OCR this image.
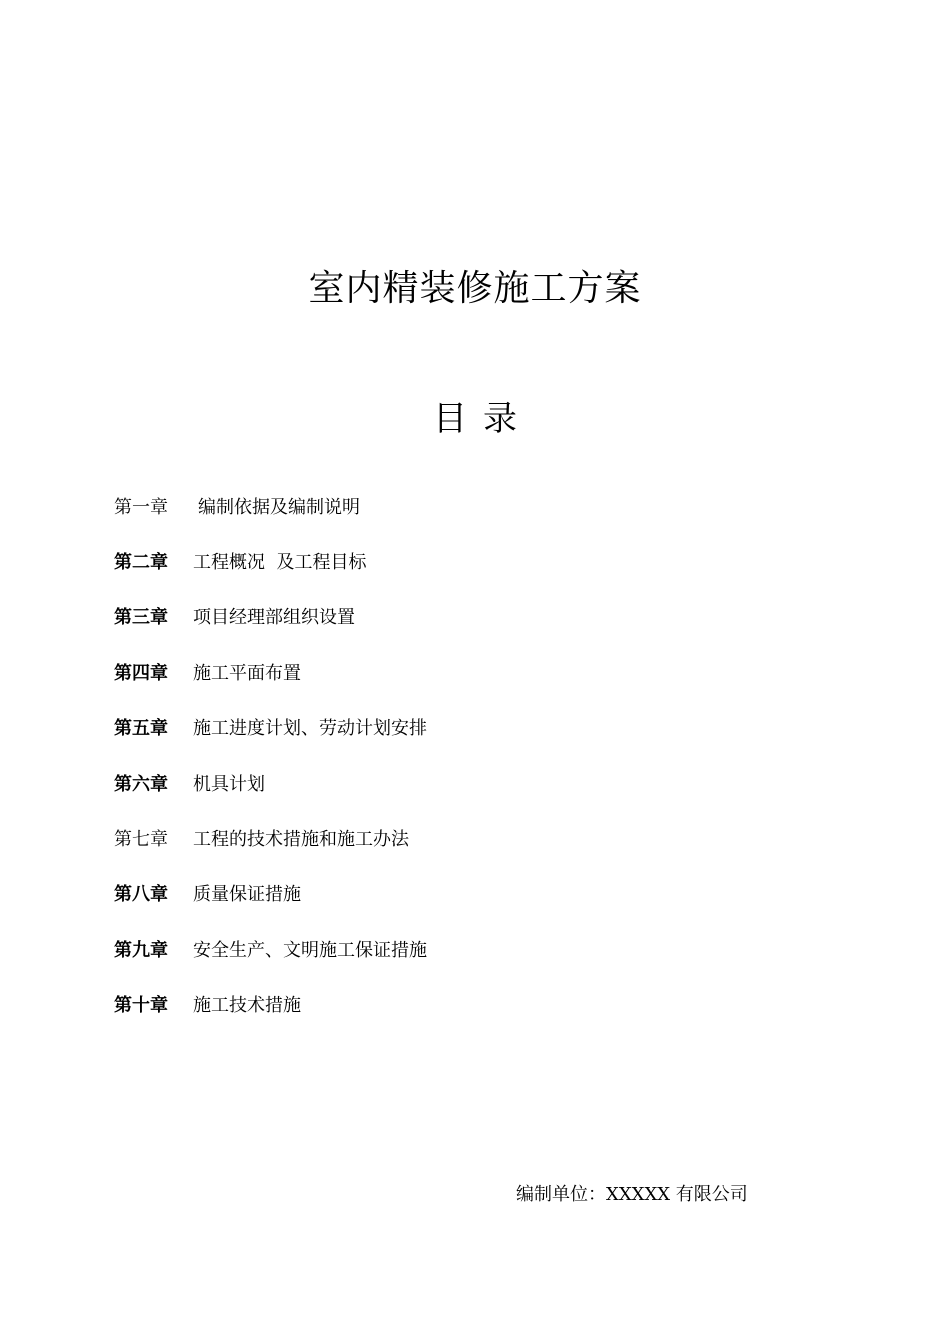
室内精装修施工方案
目录
第一章	编制依据及编制说明
第二章	工程概况  及工程目标
第三章	项目经理部组织设置
第四章	施工平面布置
第五章	施工进度计划、劳动计划安排
第六章	机具计划
第七章	工程的技术措施和施工办法
第八章	质量保证措施
第九章	安全生产、文明施工保证措施
第十章	施工技术措施
编制单位：XXXXX 有限公司
